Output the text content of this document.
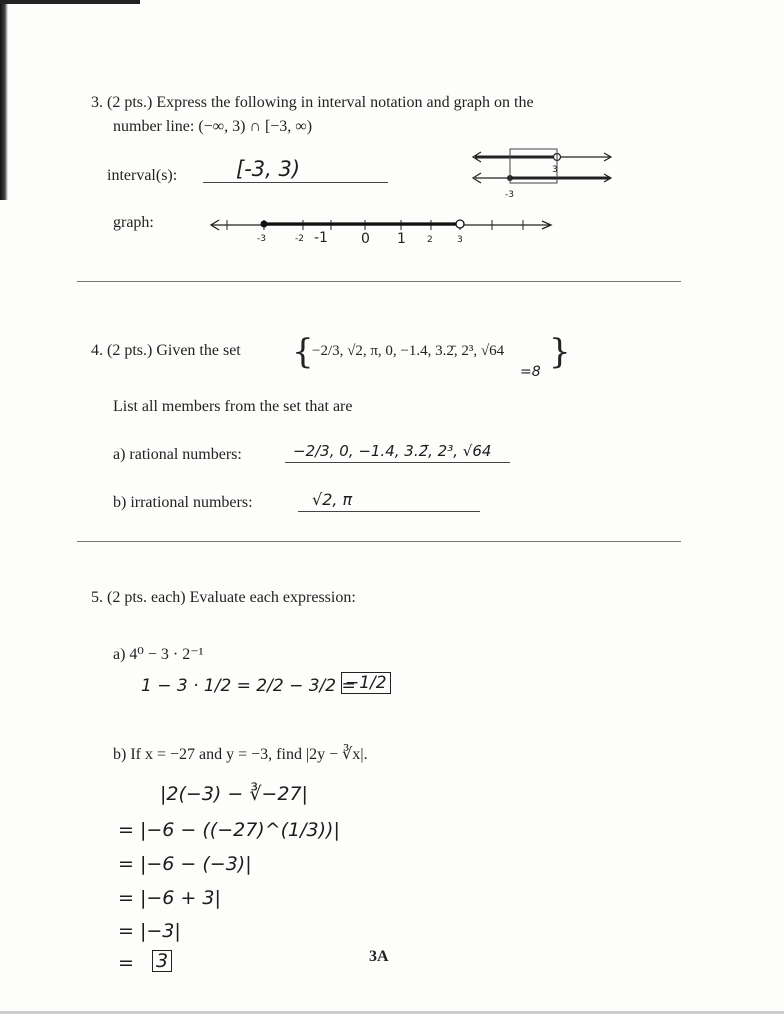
3. (2 pts.) Express the following in interval notation and graph on the
number line: (−∞, 3) ∩ [−3, ∞)
interval(s):	[-3, 3)	3
-3
graph:
-3	-2 -1 0 1 2	3
4. (2 pts.) Given the set {
−2/3, √2, π, 0, −1.4, 3.2̄, 2³, √64 }
=8
List all members from the set that are
a) rational numbers:	−2/3, 0, −1.4, 3.2̄, 2³, √64
b) irrational numbers:	√2, π
5. (2 pts. each) Evaluate each expression:
a) 4⁰ − 3 · 2⁻¹
1 − 3 · 1/2 = 2/2 − 3/2 =
−1/2
b) If x = −27 and y = −3, find |2y − ∛x|.
|2(−3) − ∛−27|
= |−6 − ((−27)^(1/3))|
= |−6 − (−3)|
= |−6 + 3|
= |−3|
= 3	3A
